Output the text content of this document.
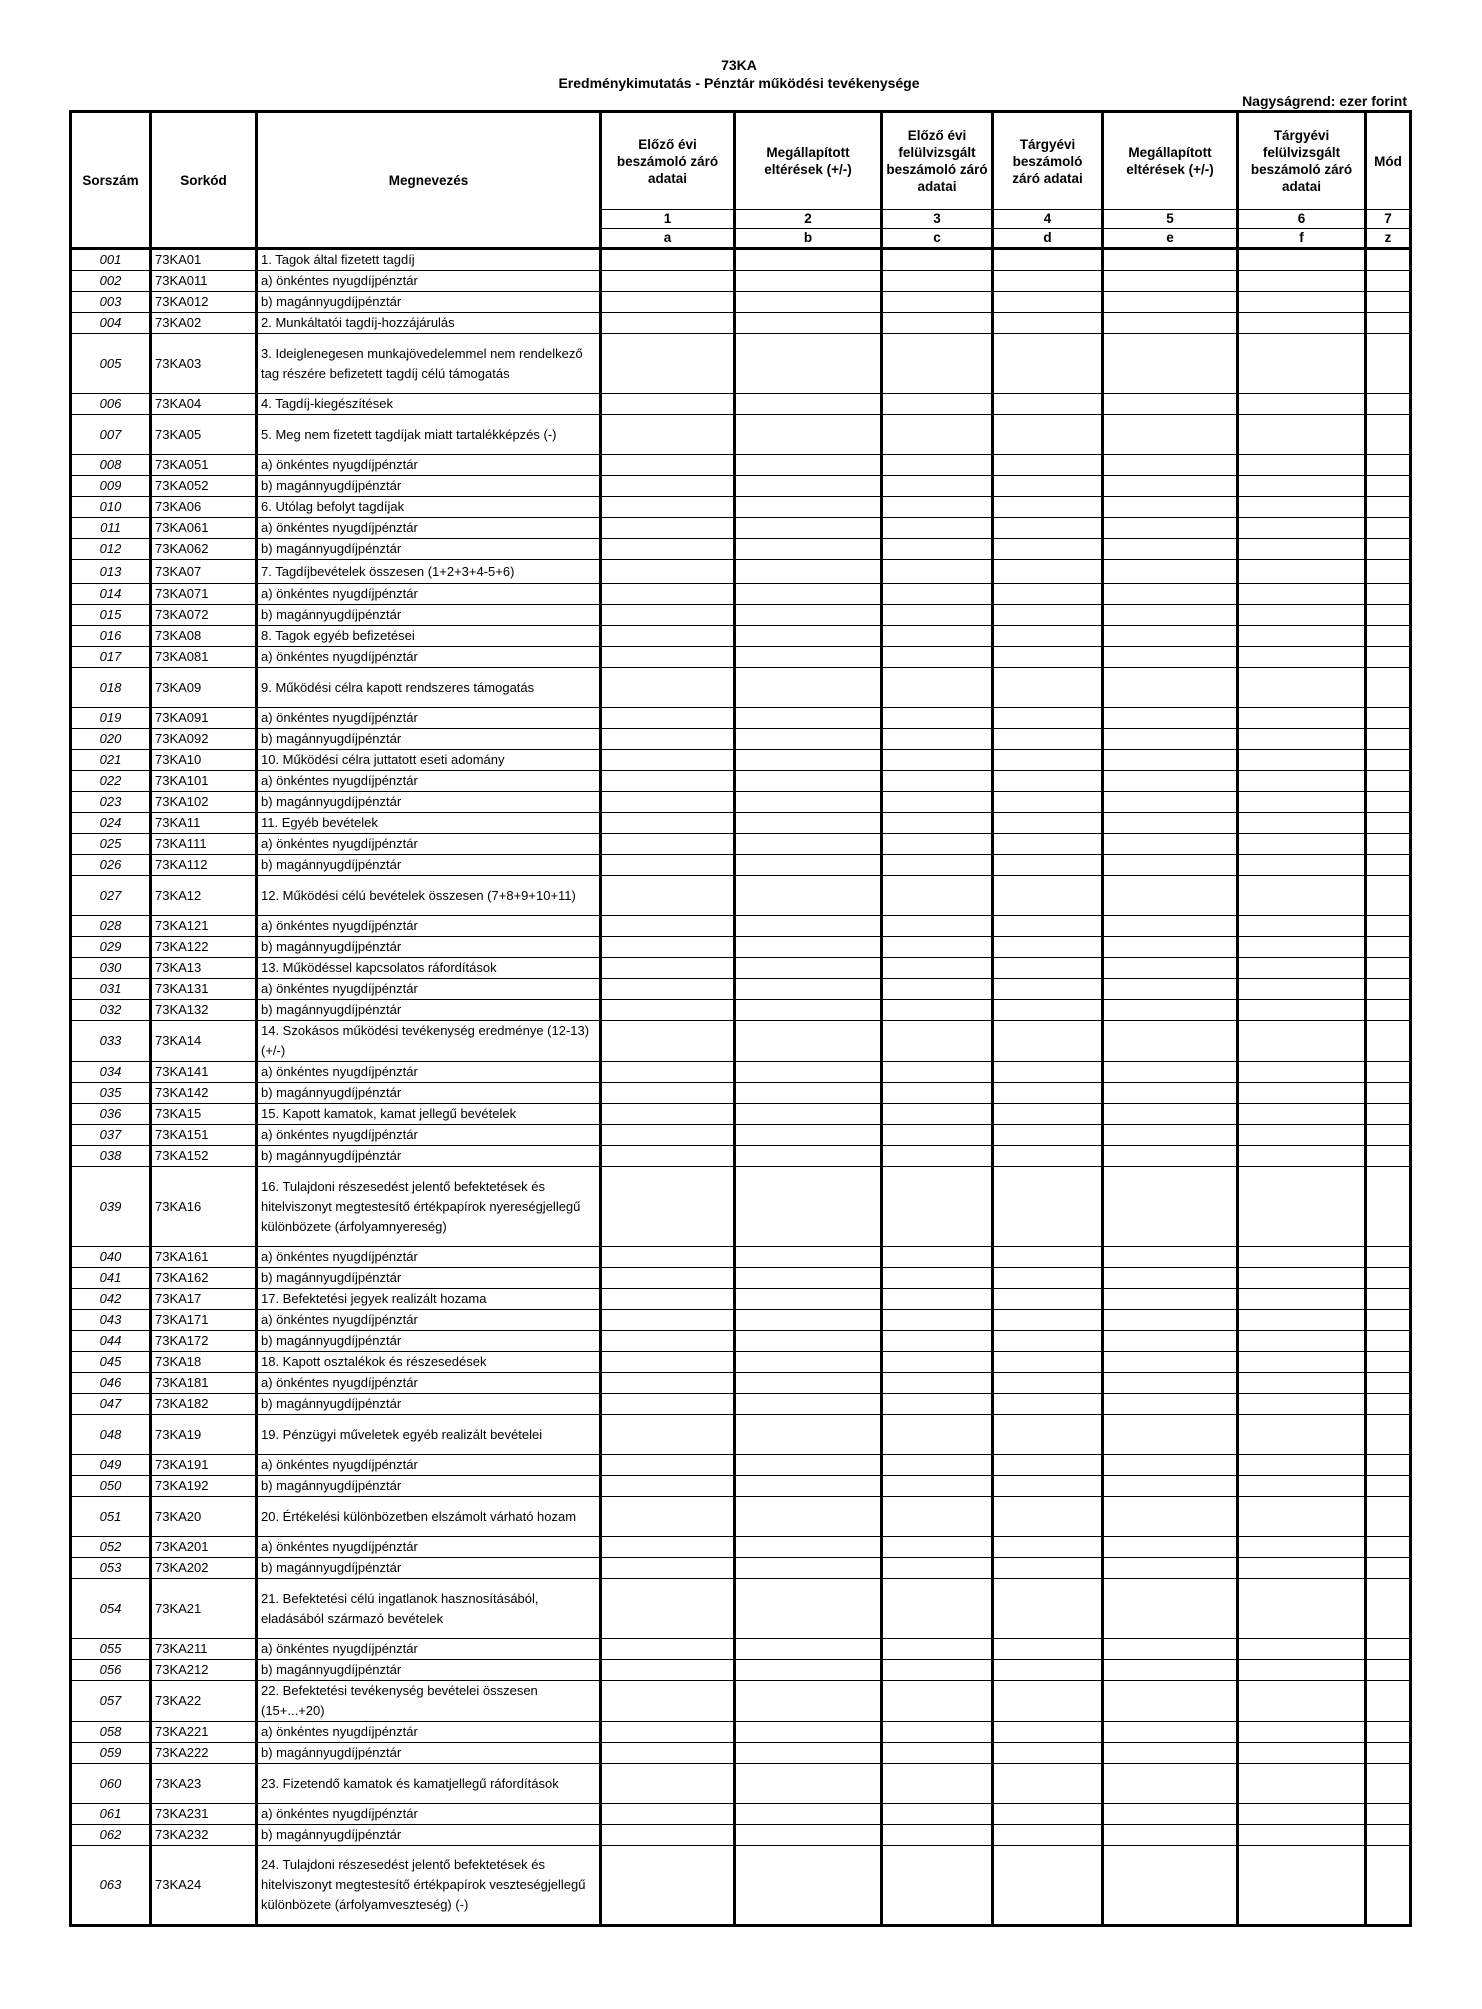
73KA
Eredménykimutatás - Pénztár működési tevékenysége
Nagyságrend: ezer forint
Sorszám	Sorkód	Megnevezés	Előző évi beszámoló záró adatai	Megállapított eltérések (+/-)	Előző évi felülvizsgált beszámoló záró adatai	Tárgyévi beszámoló záró adatai	Megállapított eltérések (+/-)	Tárgyévi felülvizsgált beszámoló záró adatai	Mód
			1	2	3	4	5	6	7
			a	b	c	d	e	f	z
001	73KA01	1. Tagok által fizetett tagdíj							
002	73KA011	a) önkéntes nyugdíjpénztár							
003	73KA012	b) magánnyugdíjpénztár							
004	73KA02	2. Munkáltatói tagdíj-hozzájárulás							
005	73KA03	3. Ideiglenegesen munkajövedelemmel nem rendelkező tag részére befizetett tagdíj célú támogatás							
006	73KA04	4. Tagdíj-kiegészítések							
007	73KA05	5. Meg nem fizetett tagdíjak miatt tartalékképzés (-)							
008	73KA051	a) önkéntes nyugdíjpénztár							
009	73KA052	b) magánnyugdíjpénztár							
010	73KA06	6. Utólag befolyt tagdíjak							
011	73KA061	a) önkéntes nyugdíjpénztár							
012	73KA062	b) magánnyugdíjpénztár							
013	73KA07	7. Tagdíjbevételek összesen (1+2+3+4-5+6)							
014	73KA071	a) önkéntes nyugdíjpénztár							
015	73KA072	b) magánnyugdíjpénztár							
016	73KA08	8. Tagok egyéb befizetései							
017	73KA081	a) önkéntes nyugdíjpénztár							
018	73KA09	9. Működési célra kapott rendszeres támogatás							
019	73KA091	a) önkéntes nyugdíjpénztár							
020	73KA092	b) magánnyugdíjpénztár							
021	73KA10	10. Működési célra juttatott eseti adomány							
022	73KA101	a) önkéntes nyugdíjpénztár							
023	73KA102	b) magánnyugdíjpénztár							
024	73KA11	11. Egyéb bevételek							
025	73KA111	a) önkéntes nyugdíjpénztár							
026	73KA112	b) magánnyugdíjpénztár							
027	73KA12	12. Működési célú bevételek összesen (7+8+9+10+11)							
028	73KA121	a) önkéntes nyugdíjpénztár							
029	73KA122	b) magánnyugdíjpénztár							
030	73KA13	13. Működéssel kapcsolatos ráfordítások							
031	73KA131	a) önkéntes nyugdíjpénztár							
032	73KA132	b) magánnyugdíjpénztár							
033	73KA14	14. Szokásos működési tevékenység eredménye (12-13) (+/-)							
034	73KA141	a) önkéntes nyugdíjpénztár							
035	73KA142	b) magánnyugdíjpénztár							
036	73KA15	15. Kapott kamatok, kamat jellegű bevételek							
037	73KA151	a) önkéntes nyugdíjpénztár							
038	73KA152	b) magánnyugdíjpénztár							
039	73KA16	16. Tulajdoni részesedést jelentő befektetések és hitelviszonyt megtestesítő értékpapírok nyereségjellegű különbözete (árfolyamnyereség)							
040	73KA161	a) önkéntes nyugdíjpénztár							
041	73KA162	b) magánnyugdíjpénztár							
042	73KA17	17. Befektetési jegyek realizált hozama							
043	73KA171	a) önkéntes nyugdíjpénztár							
044	73KA172	b) magánnyugdíjpénztár							
045	73KA18	18. Kapott osztalékok és részesedések							
046	73KA181	a) önkéntes nyugdíjpénztár							
047	73KA182	b) magánnyugdíjpénztár							
048	73KA19	19. Pénzügyi műveletek egyéb realizált bevételei							
049	73KA191	a) önkéntes nyugdíjpénztár							
050	73KA192	b) magánnyugdíjpénztár							
051	73KA20	20. Értékelési különbözetben elszámolt várható hozam							
052	73KA201	a) önkéntes nyugdíjpénztár							
053	73KA202	b) magánnyugdíjpénztár							
054	73KA21	21. Befektetési célú ingatlanok hasznosításából, eladásából származó bevételek							
055	73KA211	a) önkéntes nyugdíjpénztár							
056	73KA212	b) magánnyugdíjpénztár							
057	73KA22	22. Befektetési tevékenység bevételei összesen (15+...+20)							
058	73KA221	a) önkéntes nyugdíjpénztár							
059	73KA222	b) magánnyugdíjpénztár							
060	73KA23	23. Fizetendő kamatok és kamatjellegű ráfordítások							
061	73KA231	a) önkéntes nyugdíjpénztár							
062	73KA232	b) magánnyugdíjpénztár							
063	73KA24	24. Tulajdoni részesedést jelentő befektetések és hitelviszonyt megtestesítő értékpapírok veszteségjellegű különbözete (árfolyamveszteség) (-)							
